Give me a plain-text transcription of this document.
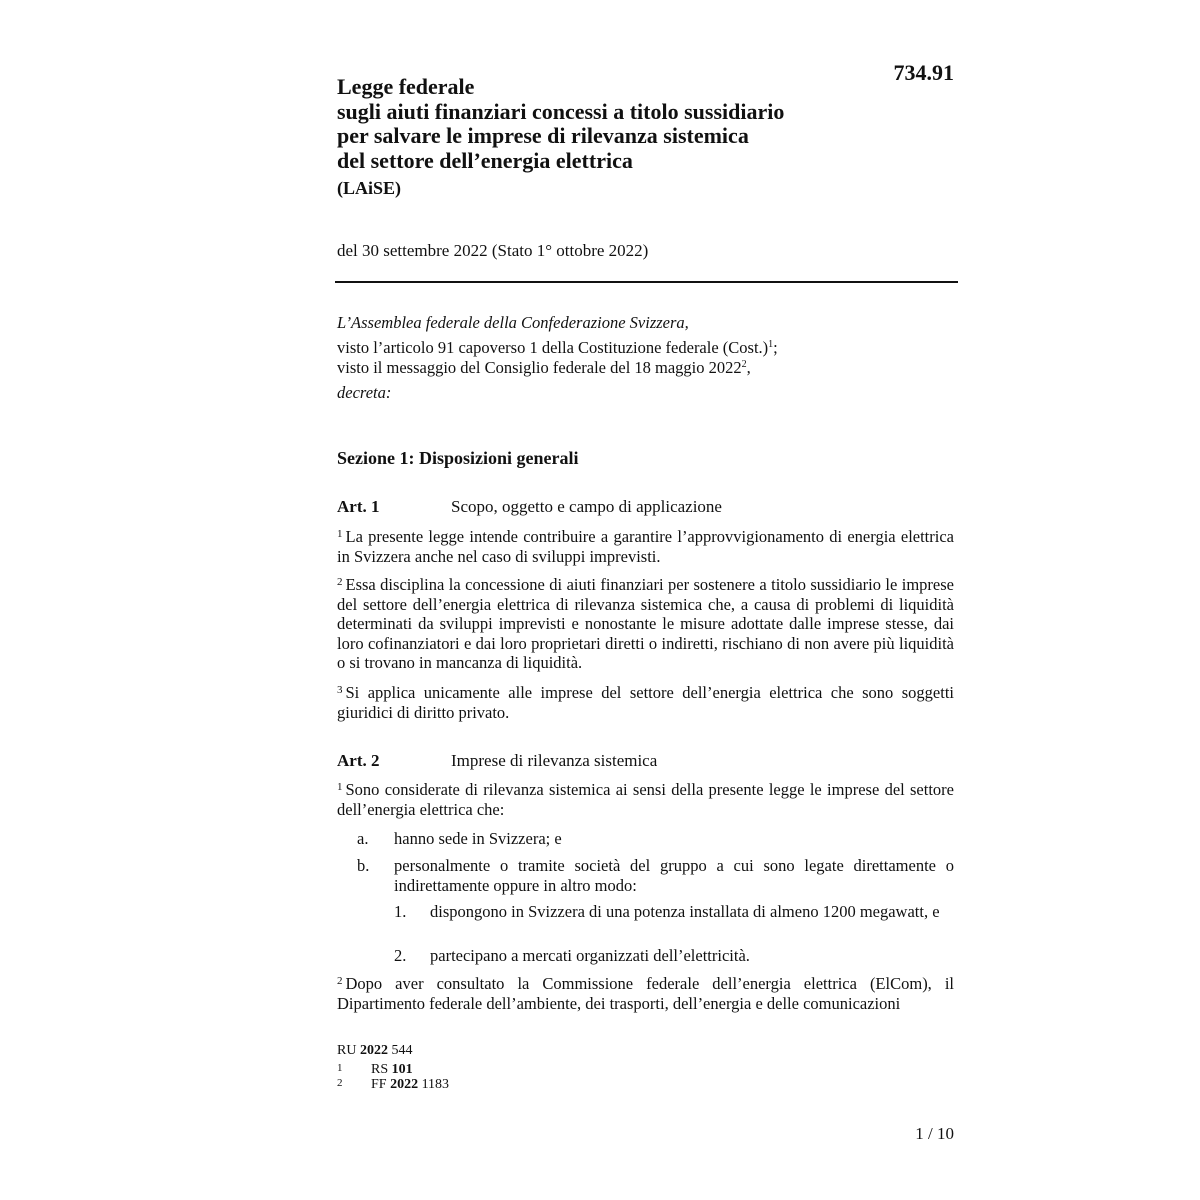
734.91
Legge federale
sugli aiuti finanziari concessi a titolo sussidiario
per salvare le imprese di rilevanza sistemica
del settore dell’energia elettrica
(LAiSE)
del 30 settembre 2022 (Stato 1° ottobre 2022)
L’Assemblea federale della Confederazione Svizzera,
visto l’articolo 91 capoverso 1 della Costituzione federale (Cost.)$^1$;
visto il messaggio del Consiglio federale del 18 maggio 2022$^2$,
decreta:
Sezione 1: Disposizioni generali
Art. 1	Scopo, oggetto e campo di applicazione
$^1$ La presente legge intende contribuire a garantire l’approvvigionamento di energia elettrica in Svizzera anche nel caso di sviluppi imprevisti.
$^2$ Essa disciplina la concessione di aiuti finanziari per sostenere a titolo sussidiario le imprese del settore dell’energia elettrica di rilevanza sistemica che, a causa di problemi di liquidità determinati da sviluppi imprevisti e nonostante le misure adottate dalle imprese stesse, dai loro cofinanziatori e dai loro proprietari diretti o indiretti, rischiano di non avere più liquidità o si trovano in mancanza di liquidità.
$^3$ Si applica unicamente alle imprese del settore dell’energia elettrica che sono soggetti giuridici di diritto privato.
Art. 2	Imprese di rilevanza sistemica
$^1$ Sono considerate di rilevanza sistemica ai sensi della presente legge le imprese del settore dell’energia elettrica che:
a. hanno sede in Svizzera; e
b. personalmente o tramite società del gruppo a cui sono legate direttamente o indirettamente oppure in altro modo:
1. dispongono in Svizzera di una potenza installata di almeno 1200 megawatt, e
2. partecipano a mercati organizzati dell’elettricità.
$^2$ Dopo aver consultato la Commissione federale dell’energia elettrica (ElCom), il Dipartimento federale dell’ambiente, dei trasporti, dell’energia e delle comunicazioni
RU 2022 544
1 RS 101
2 FF 2022 1183
1 / 10
